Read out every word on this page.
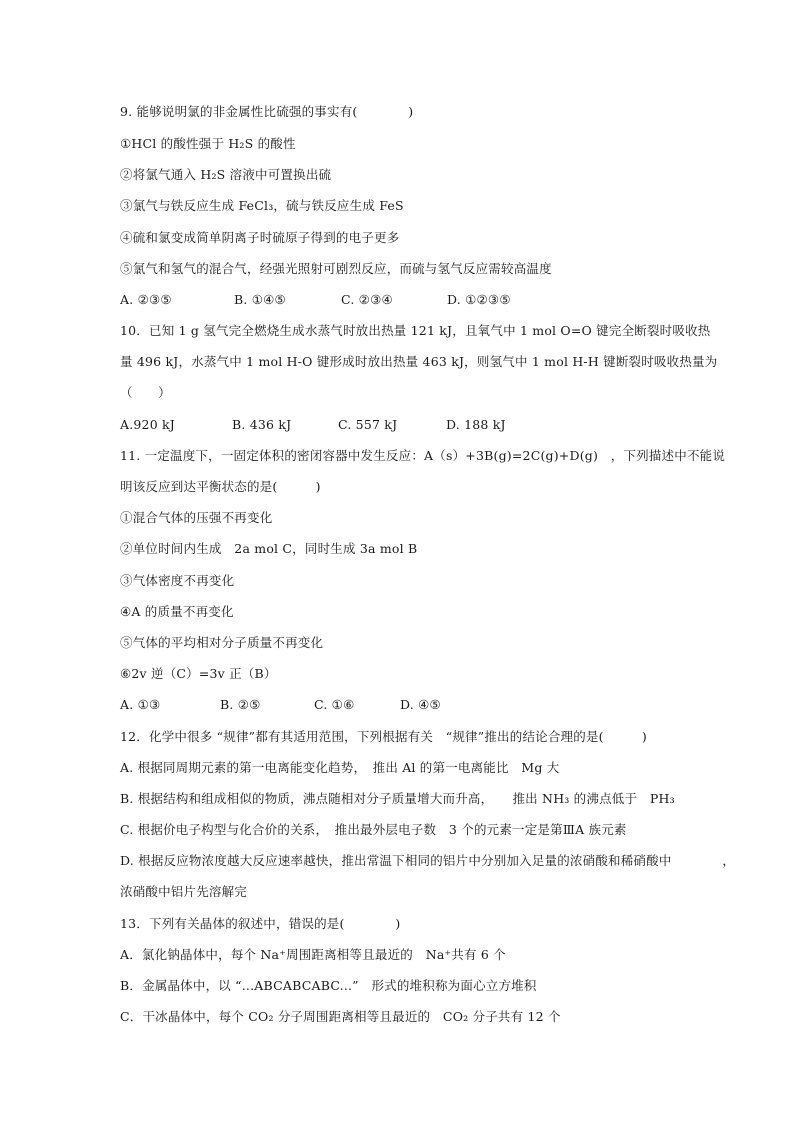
9. 能够说明氯的非金属性比硫强的事实有(　　　　)
①HCl 的酸性强于 H₂S 的酸性
②将氯气通入 H₂S 溶液中可置换出硫
③氯气与铁反应生成 FeCl₃，硫与铁反应生成 FeS
④硫和氯变成简单阴离子时硫原子得到的电子更多
⑤氯气和氢气的混合气，经强光照射可剧烈反应，而硫与氢气反应需较高温度
A. ②③⑤	B. ①④⑤	C. ②③④	D. ①②③⑤
10．已知 1 g 氢气完全燃烧生成水蒸气时放出热量 121 kJ，且氧气中 1 mol O=O 键完全断裂时吸收热
量 496 kJ，水蒸气中 1 mol H-O 键形成时放出热量 463 kJ，则氢气中 1 mol H-H 键断裂时吸收热量为
（　　）
A.920 kJ	B. 436 kJ	C. 557 kJ	D. 188 kJ
11. 一定温度下，一固定体积的密闭容器中发生反应：A（s）+3B(g)=2C(g)+D(g)　，下列描述中不能说
明该反应到达平衡状态的是(　　　)
①混合气体的压强不再变化
②单位时间内生成　2a mol C，同时生成 3a mol B
③气体密度不再变化
④A 的质量不再变化
⑤气体的平均相对分子质量不再变化
⑥2v 逆（C）=3v 正（B）
A. ①③	B. ②⑤	C. ①⑥	D. ④⑤
12．化学中很多 “规律”都有其适用范围，下列根据有关　“规律”推出的结论合理的是(　　　)
A. 根据同周期元素的第一电离能变化趋势，　推出 Al 的第一电离能比　Mg 大
B. 根据结构和组成相似的物质，沸点随相对分子质量增大而升高，　　推出 NH₃ 的沸点低于　PH₃
C. 根据价电子构型与化合价的关系，　推出最外层电子数　3 个的元素一定是第ⅢA 族元素
D. 根据反应物浓度越大反应速率越快，推出常温下相同的铝片中分别加入足量的浓硝酸和稀硝酸中　　　　，
浓硝酸中铝片先溶解完
13．下列有关晶体的叙述中，错误的是(　　　　)
A．氯化钠晶体中，每个 Na⁺周围距离相等且最近的　Na⁺共有 6 个
B．金属晶体中，以 “...ABCABCABC...”　形式的堆积称为面心立方堆积
C．干冰晶体中，每个 CO₂ 分子周围距离相等且最近的　CO₂ 分子共有 12 个
